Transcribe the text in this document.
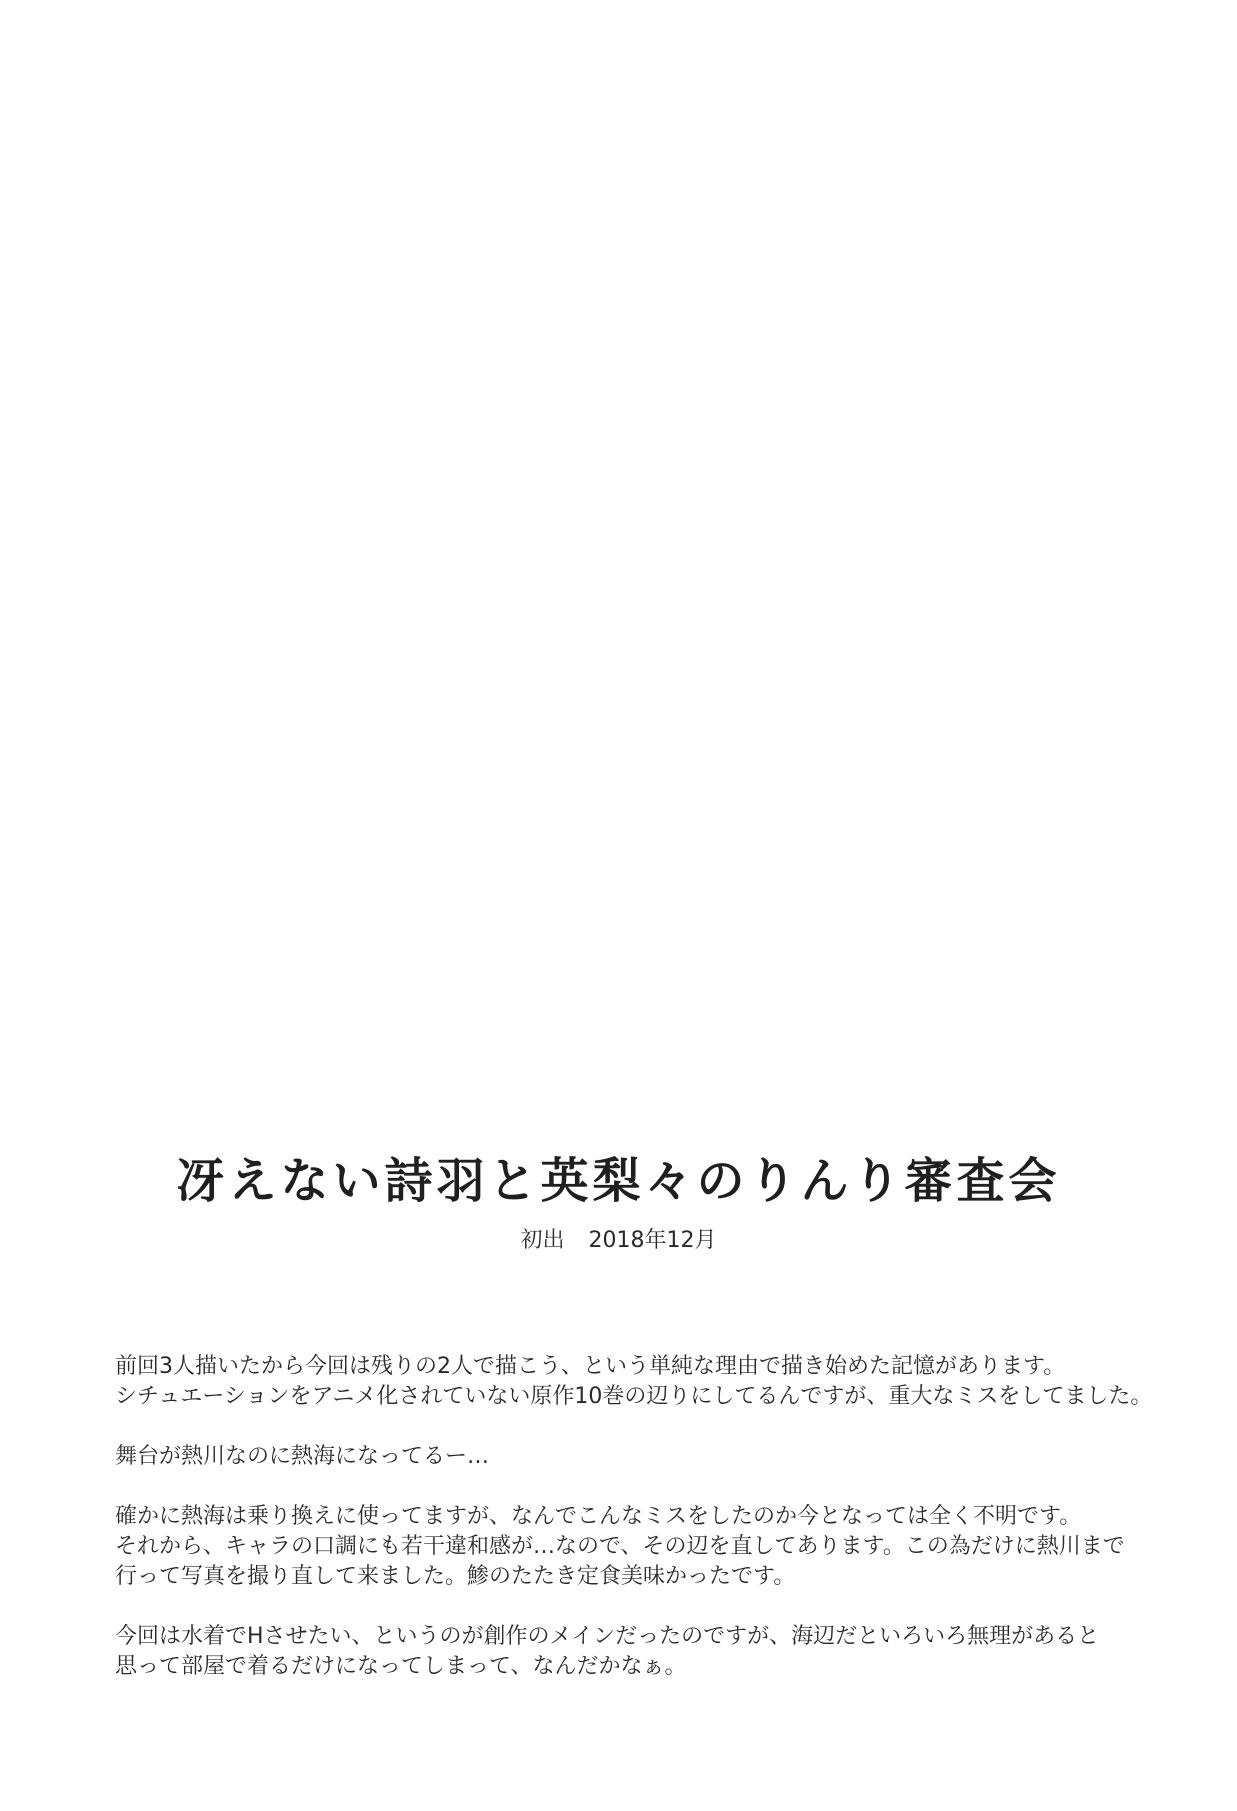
冴えない詩羽と英梨々のりんり審査会
初出 2018年12月

前回3人描いたから今回は残りの2人で描こう、という単純な理由で描き始めた記憶があります。
シチュエーションをアニメ化されていない原作10巻の辺りにしてるんですが、重大なミスをしてました。

舞台が熱川なのに熱海になってるー…

確かに熱海は乗り換えに使ってますが、なんでこんなミスをしたのか今となっては全く不明です。
それから、キャラの口調にも若干違和感が…なので、その辺を直してあります。この為だけに熱川まで
行って写真を撮り直して来ました。鯵のたたき定食美味かったです。

今回は水着でHさせたい、というのが創作のメインだったのですが、海辺だといろいろ無理があると
思って部屋で着るだけになってしまって、なんだかなぁ。
